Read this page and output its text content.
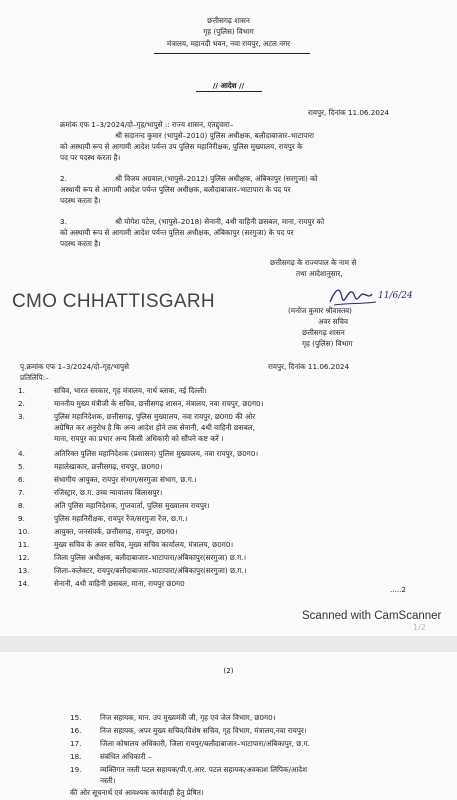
छत्तीसगढ़ शासन
गृह (पुलिस) विभाग
मंत्रालय, महानदी भवन, नवा रायपुर, अटल नगर
// आदेश //
रायपुर, दिनांक 11.06.2024
क्रमांक एफ 1–3/2024/दो–गृह/भापुसे :: राज्य शासन, एतद्द्वारा–
श्री सदानन्द कुमार (भापुसे–2010) पुलिस अधीक्षक, बलौदाबाजार–भाटापारा
को अस्थायी रूप से आगामी आदेश पर्यन्त उप पुलिस महानिरीक्षक, पुलिस मुख्यालय, रायपुर के
पद पर पदस्थ करता है।
2.	श्री विजय अग्रवाल,(भापुसे–2012) पुलिस अधीक्षक, अंबिकापुर (सरगुजा) को
अस्थायी रूप से आगामी आदेश पर्यन्त पुलिस अधीक्षक, बलौदाबाजार–भाटापारा के पद पर
पदस्थ करता है।
3.	श्री योगेश पटेल, (भापुसे–2018) सेनानी, 4थी वाहिनी छसबल, माना, रायपुर को
को अस्थायी रूप से आगामी आदेश पर्यन्त पुलिस अधीक्षक, अंबिकापुर (सरगुजा) के पद पर
पदस्थ करता है।
छत्तीसगढ़ के राज्यपाल के नाम से
तथा आदेशानुसार,
11/6/24
(मनोज कुमार श्रीवास्तव)
अवर सचिव
छत्तीसगढ़ शासन
गृह (पुलिस) विभाग
CMO CHHATTISGARH
पृ.क्रमांक एफ 1–3/2024/दो–गृह/भापुसे	रायपुर, दिनांक 11.06.2024
प्रतिलिपि:–
1.	सचिव, भारत सरकार, गृह मंत्रालय, नार्थ ब्लाक, नई दिल्ली।
2.	माननीय मुख्य मंत्रीजी के सचिव, छत्तीसगढ़ शासन, मंत्रालय, नवा रायपुर, छ0ग0।
3.	पुलिस महानिदेशक, छत्तीसगढ़, पुलिस मुख्यालय, नवा रायपुर, छ0ग0 की ओर
अग्रेषित कर अनुरोध है कि अन्य आदेश होने तक सेनानी, 4थी वाहिनी छसबल,
माना, रायपुर का प्रभार अन्य किसी अधिकारी को सौंपने कष्ट करें ।
4.	अतिरिक्त पुलिस महानिदेशक (प्रशासन) पुलिस मुख्यालय, नवा रायपुर, छ0ग0।
5.	महालेखाकार, छत्तीसगढ़, रायपुर, छ0ग0।
6.	संभागीय आयुक्त, रायपुर संभाग/सरगुजा संभाग, छ.ग.।
7.	रजिस्ट्रार, छ.ग. उच्च न्यायालय बिलासपुर।
8.	अति पुलिस महानिदेशक, गुप्तवार्ता, पुलिस मुख्यालय रायपुर।
9.	पुलिस महानिरीक्षक, रायपुर रेंज/सरगुजा रेंज, छ.ग.।
10.	आयुक्त, जनसंपर्क, छत्तीसगढ़, रायपुर, छ0ग0।
11.	मुख्य सचिव के अवर सचिव, मुख्य सचिव कार्यालय, मंत्रालय, छ0ग0।
12.	जिला पुलिस अधीक्षक, बलौदाबाजार–भाटापारा/अंबिकापुर(सरगुजा) छ.ग.।
13.	जिला–कलेक्टर, रायपुर/बलौदाबाजार–भाटापारा/अंबिकापुर(सरगुजा) छ.ग.।
14.	सेनानी, 4थी वाहिनी छसबल, माना, रायपुर छ0ग0
.....2
Scanned with CamScanner
1/2
(2)
15.	निज सहायक, मान. उप मुख्यमंत्री जी, गृह एवं जेल विभाग, छ0ग0।
16.	निज सहायक, अपर मुख्य सचिव/विशेष सचिव, गृह विभाग, मंत्रालय,नवा रायपुर।
17.	जिला कोषालय अधिकारी, जिला रायपुर/बलौदाबाजार–भाटापारा/अंबिकापुर, छ.ग.
18.	संबंधित अधिकारी –
19.	व्यक्तिगत नस्ती पटल सहायक/पी.ए.आर. पटल सहायक/अवकाश लिपिक/आदेश
नस्ती।
की ओर सूचनार्थ एवं आवश्यक कार्यवाही हेतु प्रेषित।
